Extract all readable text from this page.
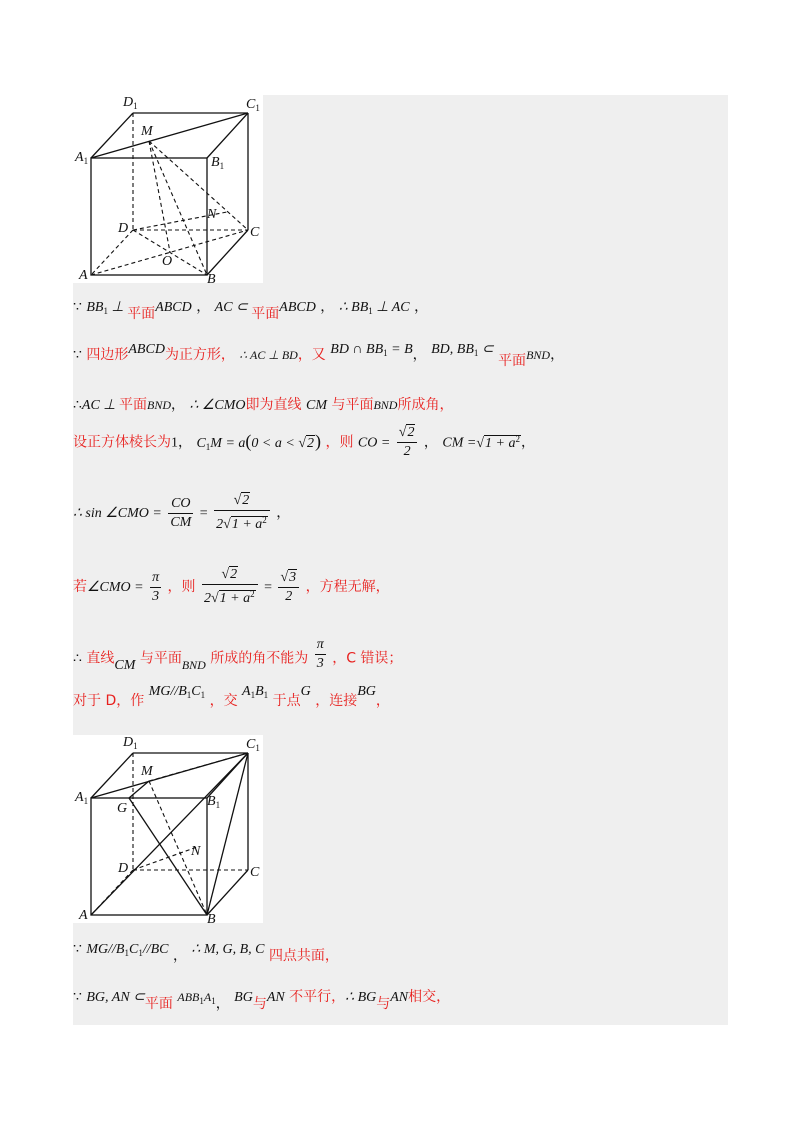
$D_1$	$C_1$
M
$A_1$	$B_1$
D
N
C
O
A	B
∵ $BB_1$ ⊥ 平面ABCD ， AC ⊂ 平面ABCD ， ∴ $BB_1$ ⊥ AC ，
∵ 四边形ABCD为正方形， ∴ AC ⊥ BD，又 BD ∩ $BB_1 = B$， BD, $BB_1$ ⊂ 平面BND，
∴AC ⊥ 平面BND， ∴ ∠CMO即为直线 CM 与平面BND所成角，
设正方体棱长为1， $C_1M = a(0 < a < √2)$ ，则 CO = $\frac{√2}{2}$ ， CM $=√1 + a^2$，
∴ sin ∠CMO = $\frac{CO}{CM} = \frac{√2}{2√1 + a^2}$ ，
若∠CMO = $\frac{\pi}{3}$ ，则 $\frac{√2}{2√1 + a^2} = \frac{√3}{2}$ ，方程无解，
∴ 直线CM 与平面BND 所成的角不能为 $\frac{\pi}{3}$ ，C 错误；
对于 D，作 $MG//B_1C_1$ ，交 $A_1B_1$ 于点G ，连接BG，
$D_1$	$C_1$
M
$A_1$ G	$B_1$
D
N
C
A	B
∵ $MG//B_1C_1//BC$ ， ∴ M, G, B, C 四点共面，
∵ BG, AN ⊂平面 $ABB_1A_1$， BG与AN 不平行，∴ BG与AN相交，
